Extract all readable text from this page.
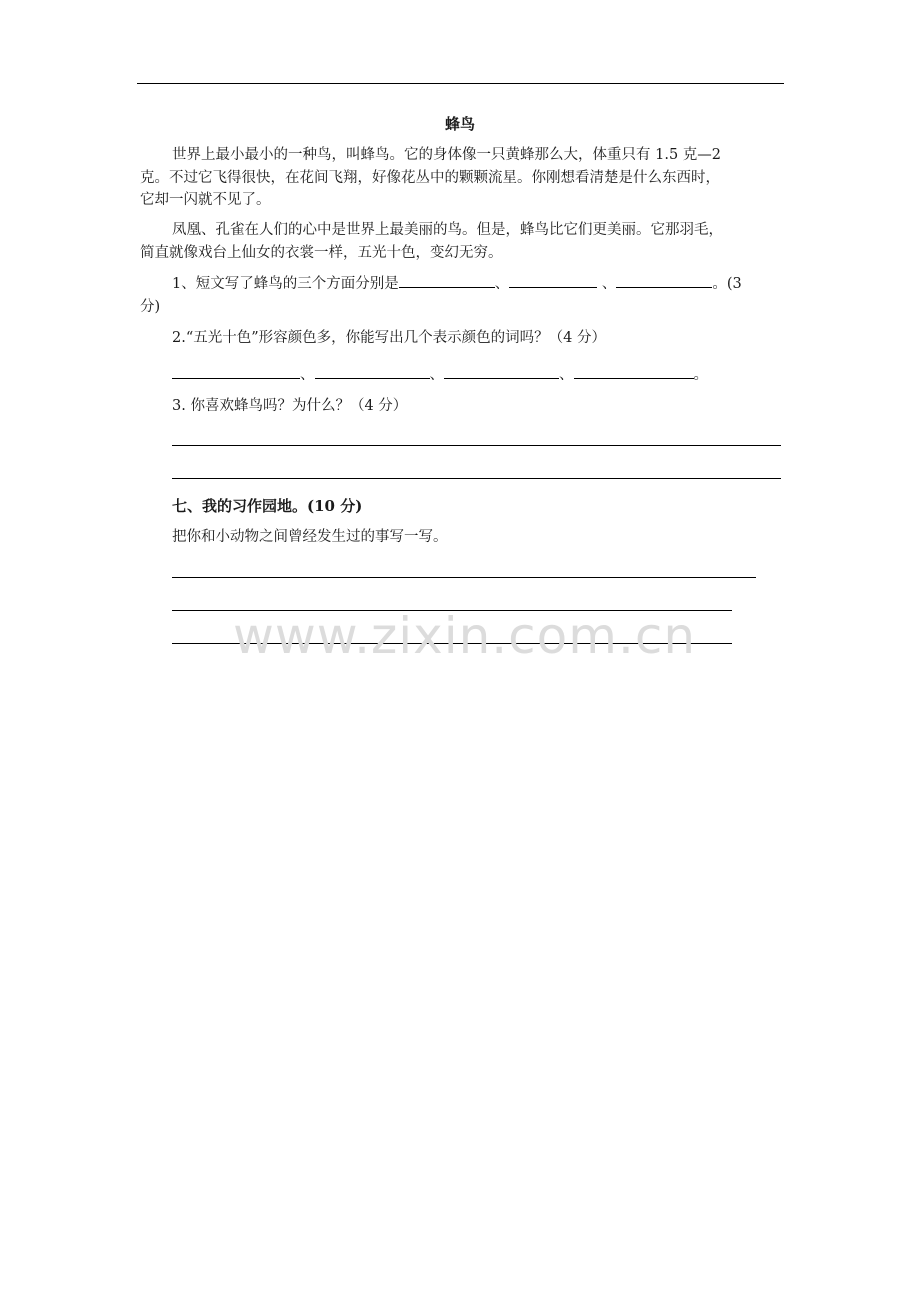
蜂鸟
世界上最小最小的一种鸟，叫蜂鸟。它的身体像一只黄蜂那么大，体重只有 1.5 克—2
克。不过它飞得很快，在花间飞翔，好像花丛中的颗颗流星。你刚想看清楚是什么东西时，
它却一闪就不见了。
凤凰、孔雀在人们的心中是世界上最美丽的鸟。但是，蜂鸟比它们更美丽。它那羽毛，
简直就像戏台上仙女的衣裳一样，五光十色，变幻无穷。
1、短文写了蜂鸟的三个方面分别是	、	、	。(3
分)
2.“五光十色”形容颜色多，你能写出几个表示颜色的词吗？（4 分）
、	、	、	。
3. 你喜欢蜂鸟吗？为什么？（4 分）
七、我的习作园地。(10 分)
把你和小动物之间曾经发生过的事写一写。
www.zixin.com.cn
